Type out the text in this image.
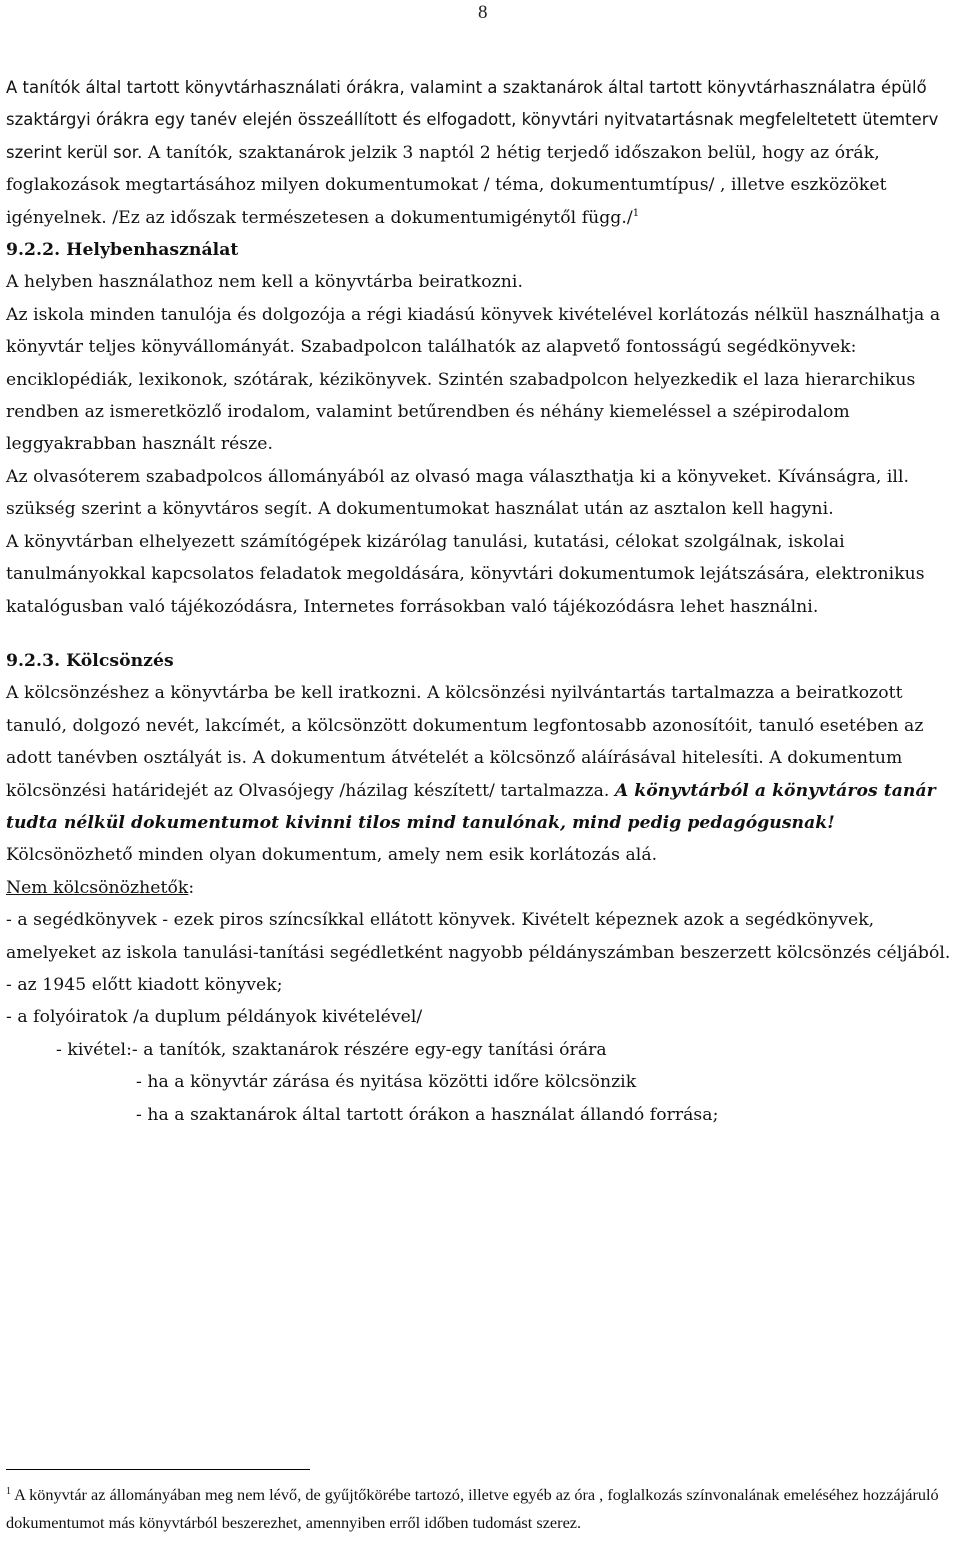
8

A tanítók által tartott könyvtárhasználati órákra, valamint a szaktanárok által tartott könyvtárhasználatra épülő szaktárgyi órákra egy tanév elején összeállított és elfogadott, könyvtári nyitvatartásnak megfeleltetett ütemterv szerint kerül sor. A tanítók, szaktanárok jelzik 3 naptól 2 hétig terjedő időszakon belül, hogy az órák, foglakozások megtartásához milyen dokumentumokat / téma, dokumentumtípus/ , illetve eszközöket igényelnek. /Ez az időszak természetesen a dokumentumigénytől függ./$^1$

9.2.2. Helybenhasználat

A helyben használathoz nem kell a könyvtárba beiratkozni.

Az iskola minden tanulója és dolgozója a régi kiadású könyvek kivételével korlátozás nélkül használhatja a könyvtár teljes könyvállományát. Szabadpolcon találhatók az alapvető fontosságú segédkönyvek: enciklopédiák, lexikonok, szótárak, kézikönyvek. Szintén szabadpolcon helyezkedik el laza hierarchikus rendben az ismeretközlő irodalom, valamint betűrendben és néhány kiemeléssel a szépirodalom leggyakrabban használt része.

Az olvasóterem szabadpolcos állományából az olvasó maga választhatja ki a könyveket. Kívánságra, ill. szükség szerint a könyvtáros segít. A dokumentumokat használat után az asztalon kell hagyni.

A könyvtárban elhelyezett számítógépek kizárólag tanulási, kutatási, célokat szolgálnak, iskolai tanulmányokkal kapcsolatos feladatok megoldására, könyvtári dokumentumok lejátszására, elektronikus katalógusban való tájékozódásra, Internetes forrásokban való tájékozódásra lehet használni.

9.2.3. Kölcsönzés

A kölcsönzéshez a könyvtárba be kell iratkozni. A kölcsönzési nyilvántartás tartalmazza a beiratkozott tanuló, dolgozó nevét, lakcímét, a kölcsönzött dokumentum legfontosabb azonosítóit, tanuló esetében az adott tanévben osztályát is. A dokumentum átvételét a kölcsönző aláírásával hitelesíti. A dokumentum kölcsönzési határidejét az Olvasójegy /házilag készített/ tartalmazza. A könyvtárból a könyvtáros tanár tudta nélkül dokumentumot kivinni tilos mind tanulónak, mind pedig pedagógusnak!

Kölcsönözhető minden olyan dokumentum, amely nem esik korlátozás alá.

Nem kölcsönözhetők:

- a segédkönyvek - ezek piros színcsíkkal ellátott könyvek. Kivételt képeznek azok a segédkönyvek, amelyeket az iskola tanulási-tanítási segédletként nagyobb példányszámban beszerzett kölcsönzés céljából.

- az 1945 előtt kiadott könyvek;

- a folyóiratok /a duplum példányok kivételével/

- kivétel:- a tanítók, szaktanárok részére egy-egy tanítási órára

- ha a könyvtár zárása és nyitása közötti időre kölcsönzik

- ha a szaktanárok által tartott órákon a használat állandó forrása;

$^1$ A könyvtár az állományában meg nem lévő, de gyűjtőkörébe tartozó, illetve egyéb az óra , foglalkozás színvonalának emeléséhez hozzájáruló dokumentumot más könyvtárból beszerezhet, amennyiben erről időben tudomást szerez.
